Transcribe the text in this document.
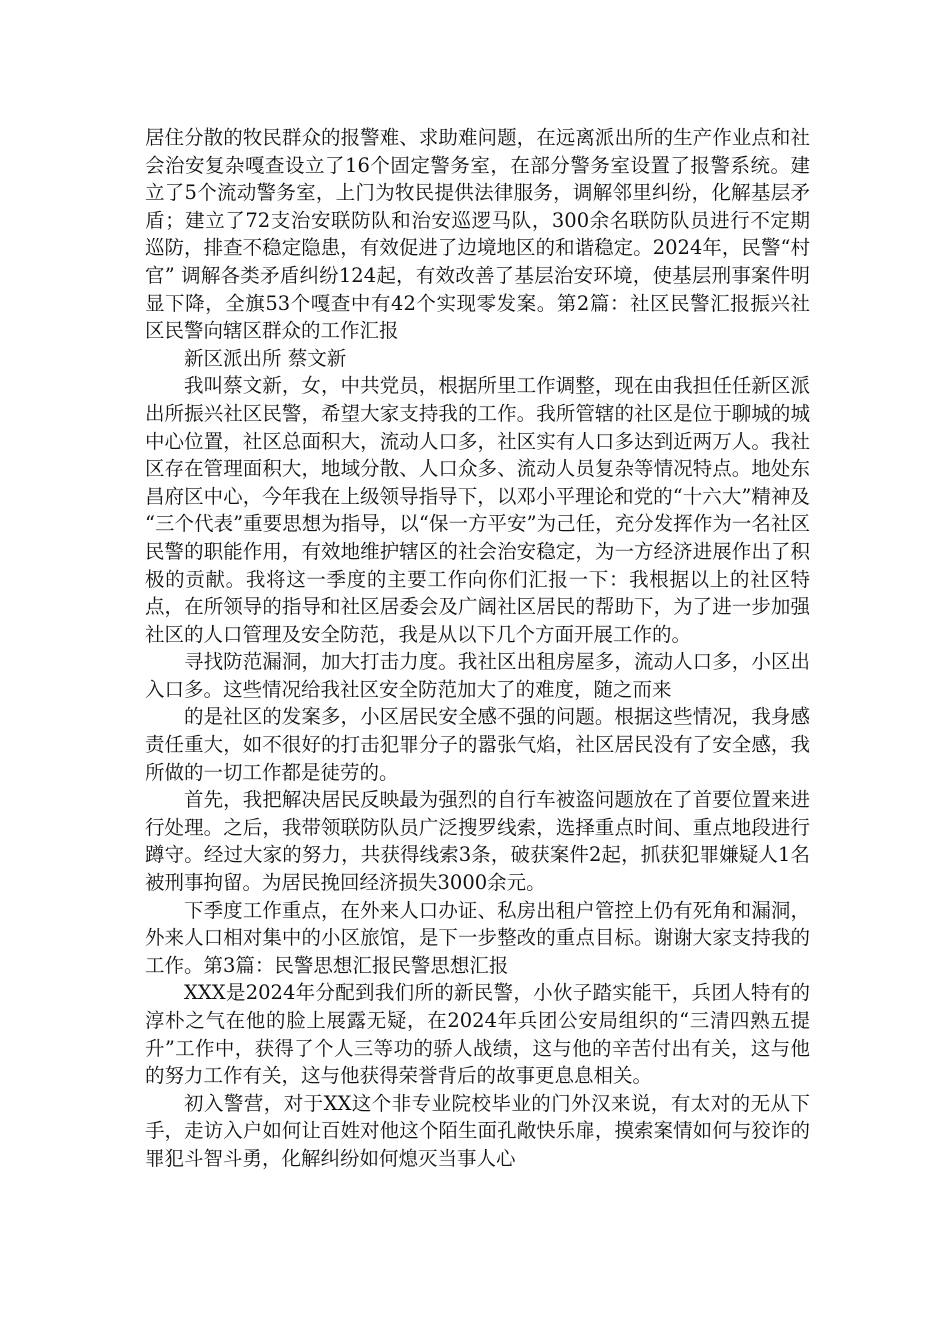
居住分散的牧民群众的报警难、求助难问题，在远离派出所的生产作业点和社会治安复杂嘎查设立了16个固定警务室，在部分警务室设置了报警系统。建立了5个流动警务室，上门为牧民提供法律服务，调解邻里纠纷，化解基层矛盾；建立了72支治安联防队和治安巡逻马队，300余名联防队员进行不定期巡防，排查不稳定隐患，有效促进了边境地区的和谐稳定。2024年，民警“村官” 调解各类矛盾纠纷124起，有效改善了基层治安环境，使基层刑事案件明显下降，全旗53个嘎查中有42个实现零发案。第2篇：社区民警汇报振兴社区民警向辖区群众的工作汇报

新区派出所 蔡文新

我叫蔡文新，女，中共党员，根据所里工作调整，现在由我担任任新区派出所振兴社区民警，希望大家支持我的工作。我所管辖的社区是位于聊城的城中心位置，社区总面积大，流动人口多，社区实有人口多达到近两万人。我社区存在管理面积大，地域分散、人口众多、流动人员复杂等情况特点。地处东昌府区中心，今年我在上级领导指导下，以邓小平理论和党的“十六大”精神及 “三个代表”重要思想为指导，以“保一方平安”为己任，充分发挥作为一名社区民警的职能作用，有效地维护辖区的社会治安稳定，为一方经济进展作出了积极的贡献。我将这一季度的主要工作向你们汇报一下：我根据以上的社区特点，在所领导的指导和社区居委会及广阔社区居民的帮助下，为了进一步加强社区的人口管理及安全防范，我是从以下几个方面开展工作的。

寻找防范漏洞，加大打击力度。我社区出租房屋多，流动人口多，小区出入口多。这些情况给我社区安全防范加大了的难度，随之而来

的是社区的发案多，小区居民安全感不强的问题。根据这些情况，我身感责任重大，如不很好的打击犯罪分子的嚣张气焰，社区居民没有了安全感，我所做的一切工作都是徒劳的。

首先，我把解决居民反映最为强烈的自行车被盗问题放在了首要位置来进行处理。之后，我带领联防队员广泛搜罗线索，选择重点时间、重点地段进行蹲守。经过大家的努力，共获得线索3条，破获案件2起，抓获犯罪嫌疑人1名被刑事拘留。为居民挽回经济损失3000余元。

下季度工作重点，在外来人口办证、私房出租户管控上仍有死角和漏洞，外来人口相对集中的小区旅馆，是下一步整改的重点目标。谢谢大家支持我的工作。第3篇：民警思想汇报民警思想汇报

XXX是2024年分配到我们所的新民警，小伙子踏实能干，兵团人特有的淳朴之气在他的脸上展露无疑，在2024年兵团公安局组织的“三清四熟五提升”工作中，获得了个人三等功的骄人战绩，这与他的辛苦付出有关，这与他的努力工作有关，这与他获得荣誉背后的故事更息息相关。

初入警营，对于XX这个非专业院校毕业的门外汉来说，有太对的无从下手，走访入户如何让百姓对他这个陌生面孔敞快乐扉，摸索案情如何与狡诈的罪犯斗智斗勇，化解纠纷如何熄灭当事人心
